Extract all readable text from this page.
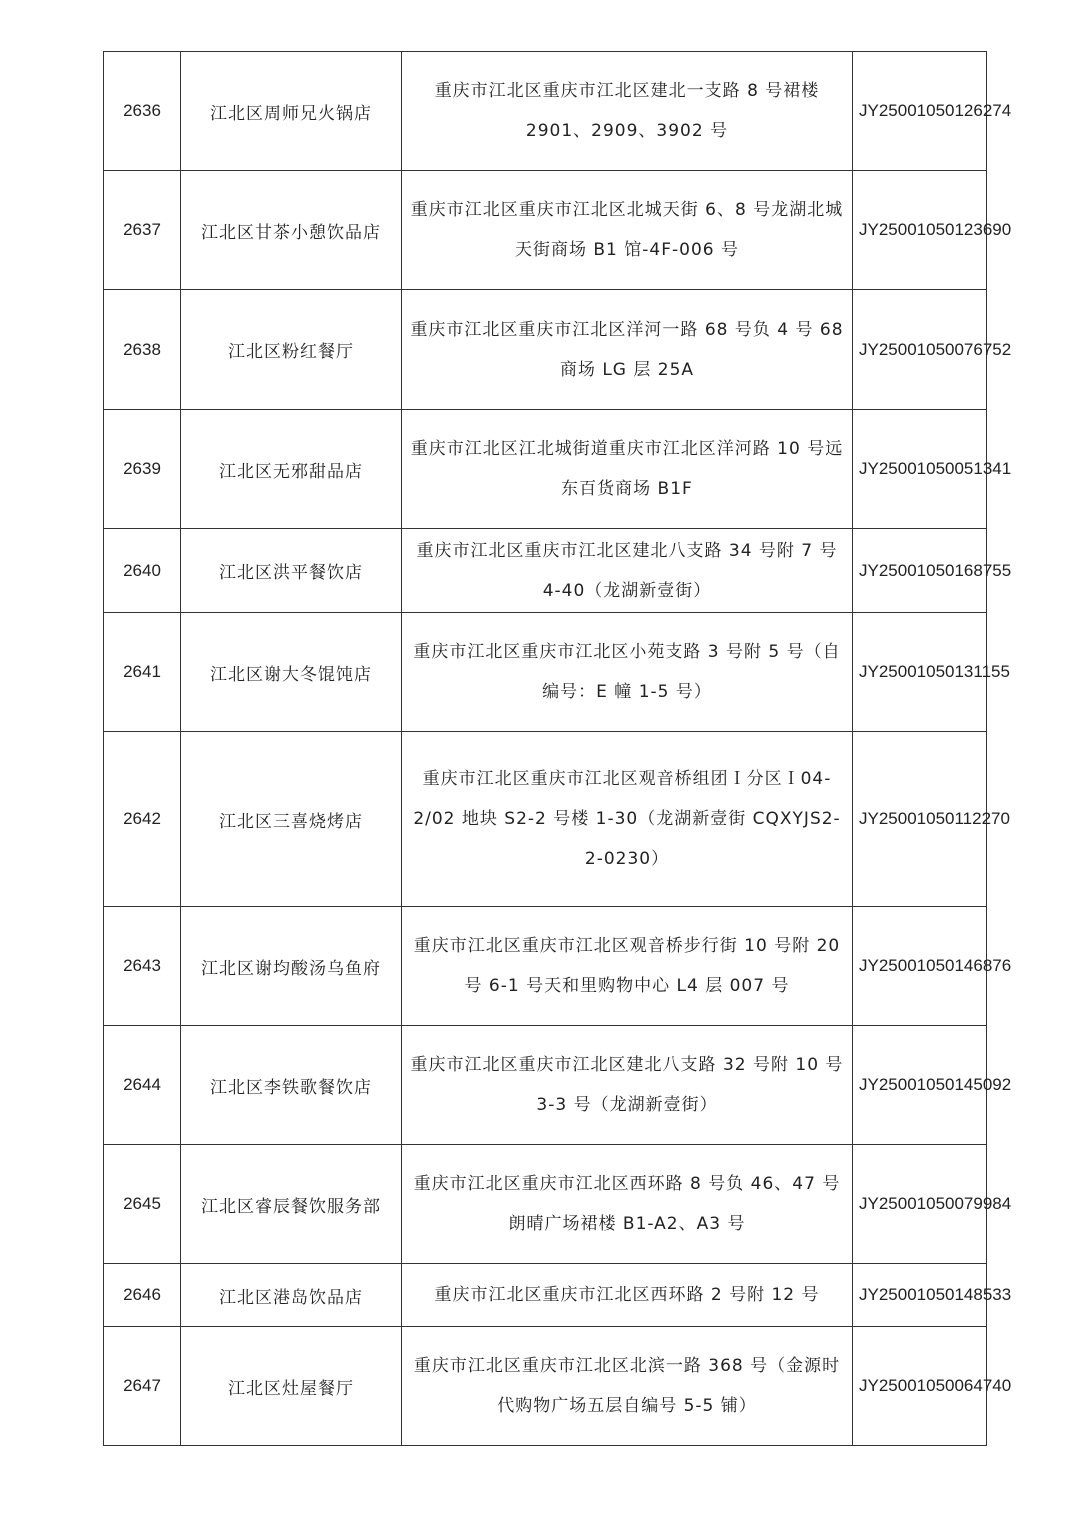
2636	江北区周师兄火锅店	重庆市江北区重庆市江北区建北一支路 8 号裙楼 2901、2909、3902 号	JY25001050126274
2637	江北区甘茶小憩饮品店	重庆市江北区重庆市江北区北城天街 6、8 号龙湖北城天街商场 B1 馆-4F-006 号	JY25001050123690
2638	江北区粉红餐厅	重庆市江北区重庆市江北区洋河一路 68 号负 4 号 68 商场 LG 层 25A	JY25001050076752
2639	江北区无邪甜品店	重庆市江北区江北城街道重庆市江北区洋河路 10 号远东百货商场 B1F	JY25001050051341
2640	江北区洪平餐饮店	重庆市江北区重庆市江北区建北八支路 34 号附 7 号 4-40（龙湖新壹街）	JY25001050168755
2641	江北区谢大冬馄饨店	重庆市江北区重庆市江北区小苑支路 3 号附 5 号（自编号：E 幢 1-5 号）	JY25001050131155
2642	江北区三喜烧烤店	重庆市江北区重庆市江北区观音桥组团Ｉ分区Ｉ04-2/02 地块 S2-2 号楼 1-30（龙湖新壹街 CQXYJS2-2-0230）	JY25001050112270
2643	江北区谢均酸汤乌鱼府	重庆市江北区重庆市江北区观音桥步行街 10 号附 20 号 6-1 号天和里购物中心 L4 层 007 号	JY25001050146876
2644	江北区李铁歌餐饮店	重庆市江北区重庆市江北区建北八支路 32 号附 10 号 3-3 号（龙湖新壹街）	JY25001050145092
2645	江北区睿辰餐饮服务部	重庆市江北区重庆市江北区西环路 8 号负 46、47 号朗晴广场裙楼 B1-A2、A3 号	JY25001050079984
2646	江北区港岛饮品店	重庆市江北区重庆市江北区西环路 2 号附 12 号	JY25001050148533
2647	江北区灶屋餐厅	重庆市江北区重庆市江北区北滨一路 368 号（金源时代购物广场五层自编号 5-5 铺）	JY25001050064740
